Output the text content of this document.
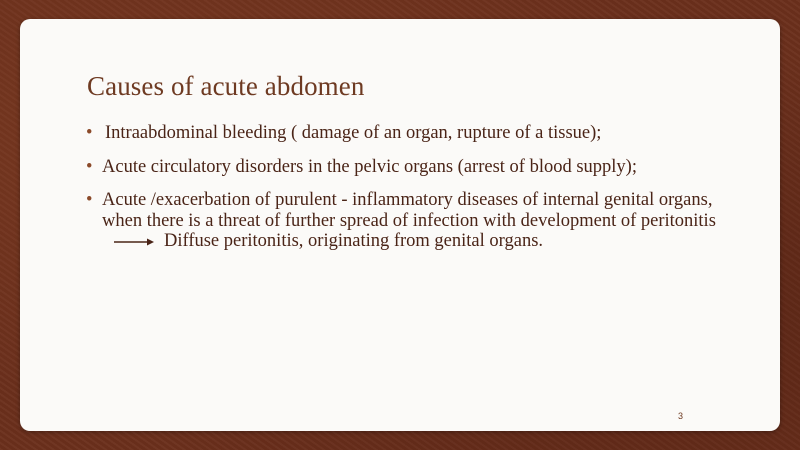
Causes of acute abdomen
• Intraabdominal bleeding ( damage of an organ, rupture of a tissue);
• Acute circulatory disorders in the pelvic organs (arrest of blood supply);
• Acute /exacerbation of purulent - inflammatory diseases of internal genital organs, when there is a threat of further spread of infection with development of peritonitisDiffuse peritonitis, originating from genital organs.
3
